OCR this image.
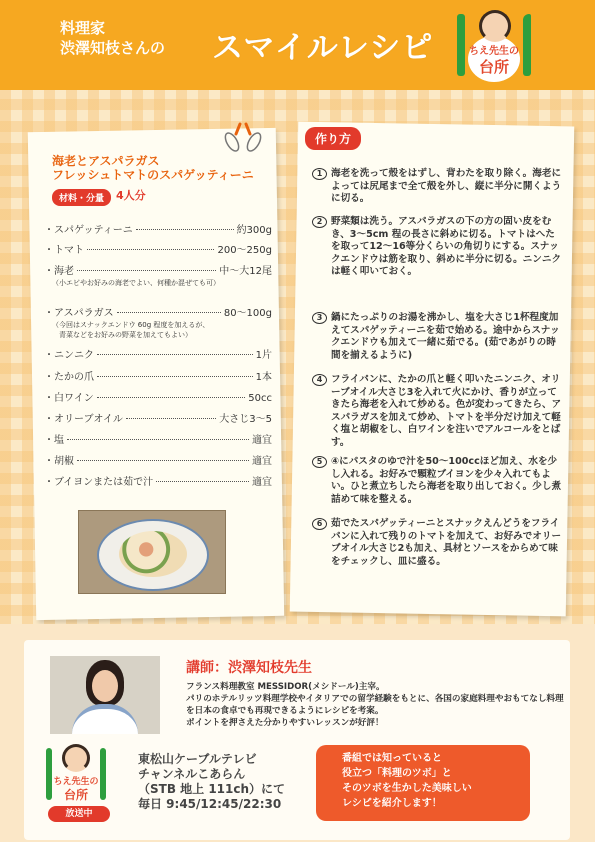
料理家
渋澤知枝さんの スマイルレシピ	ちえ先生の
台所
海老とアスパラガス
フレッシュトマトのスパゲッティーニ
材料・分量	4人分
・スパゲッティーニ	約300g
・トマト	200～250g
・海老	中～大12尾
（小エビやお好みの海老でよい、何種か混ぜても可）
・アスパラガス	80～100g
（今回はスナックエンドウ 60g 程度を加えるが、
　青菜などをお好みの野菜を加えてもよい）
・ニンニク	1片
・たかの爪	1本
・白ワイン	50cc
・オリーブオイル	大さじ3～5
・塩	適宜
・胡椒	適宜
・ブイヨンまたは茹で汁	適宜
作り方
1 海老を洗って殻をはずし、背わたを取り除く。海老によっては尻尾まで全て殻を外し、縦に半分に開くように切る。
2 野菜類は洗う。アスパラガスの下の方の固い皮をむき、3～5cm 程の長さに斜めに切る。トマトはへたを取って12～16等分くらいの角切りにする。スナックエンドウは筋を取り、斜めに半分に切る。ニンニクは軽く叩いておく。
3 鍋にたっぷりのお湯を沸かし、塩を大さじ1杯程度加えてスパゲッティーニを茹で始める。途中からスナックエンドウも加えて一緒に茹でる。(茹であがりの時間を揃えるように)
4 フライパンに、たかの爪と軽く叩いたニンニク、オリーブオイル大さじ3を入れて火にかけ、香りが立ってきたら海老を入れて炒める。色が変わってきたら、アスパラガスを加えて炒め、トマトを半分だけ加えて軽く塩と胡椒をし、白ワインを注いでアルコールをとばす。
5 ④にパスタのゆで汁を50～100ccほど加え、水を少し入れる。お好みで顆粒ブイヨンを少々入れてもよい。ひと煮立ちしたら海老を取り出しておく。少し煮詰めて味を整える。
6 茹でたスパゲッティーニとスナックえんどうをフライパンに入れて残りのトマトを加えて、お好みでオリーブオイル大さじ2も加え、具材とソースをからめて味をチェックし、皿に盛る。
講師：渋澤知枝先生
フランス料理教室 MESSIDOR(メシドール)主宰。
パリのホテルリッツ料理学校やイタリアでの留学経験をもとに、各国の家庭料理やおもてなし料理を日本の食卓でも再現できるようにレシピを考案。
ポイントを押さえた分かりやすいレッスンが好評！
ちえ先生の
台所
放送中
東松山ケーブルテレビ
チャンネルこあらん
（STB 地上 111ch）にて
毎日 9:45/12:45/22:30
番組では知っていると
役立つ「料理のツボ」と
そのツボを生かした美味しい
レシピを紹介します！
